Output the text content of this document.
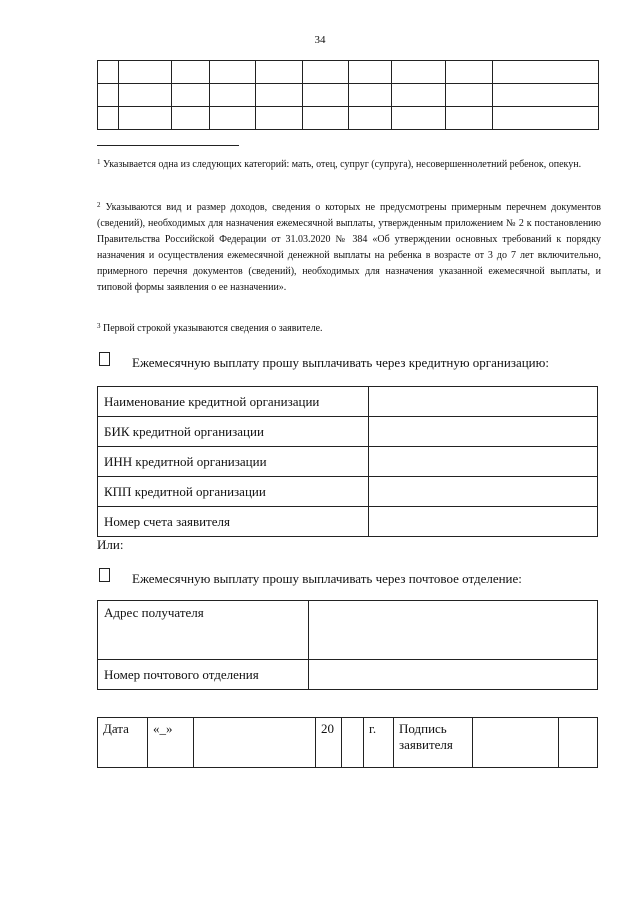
34

$^1$ Указывается одна из следующих категорий: мать, отец, супруг (супруга), несовершеннолетний ребенок, опекун.
$^2$ Указываются вид и размер доходов, сведения о которых не предусмотрены примерным перечнем документов (сведений), необходимых для назначения ежемесячной выплаты, утвержденным приложением № 2 к постановлению Правительства Российской Федерации от 31.03.2020 № 384 «Об утверждении основных требований к порядку назначения и осуществления ежемесячной денежной выплаты на ребенка в возрасте от 3 до 7 лет включительно, примерного перечня документов (сведений), необходимых для назначения указанной ежемесячной выплаты, и типовой формы заявления о ее назначении».
$^3$ Первой строкой указываются сведения о заявителе.
Ежемесячную выплату прошу выплачивать через кредитную организацию:
Наименование кредитной организации	
БИК кредитной организации	
ИНН кредитной организации	
КПП кредитной организации	
Номер счета заявителя	
Или:
Ежемесячную выплату прошу выплачивать через почтовое отделение:
Адрес получателя	
Номер почтового отделения	
Дата	«_»		20		г.	Подпись заявителя		
